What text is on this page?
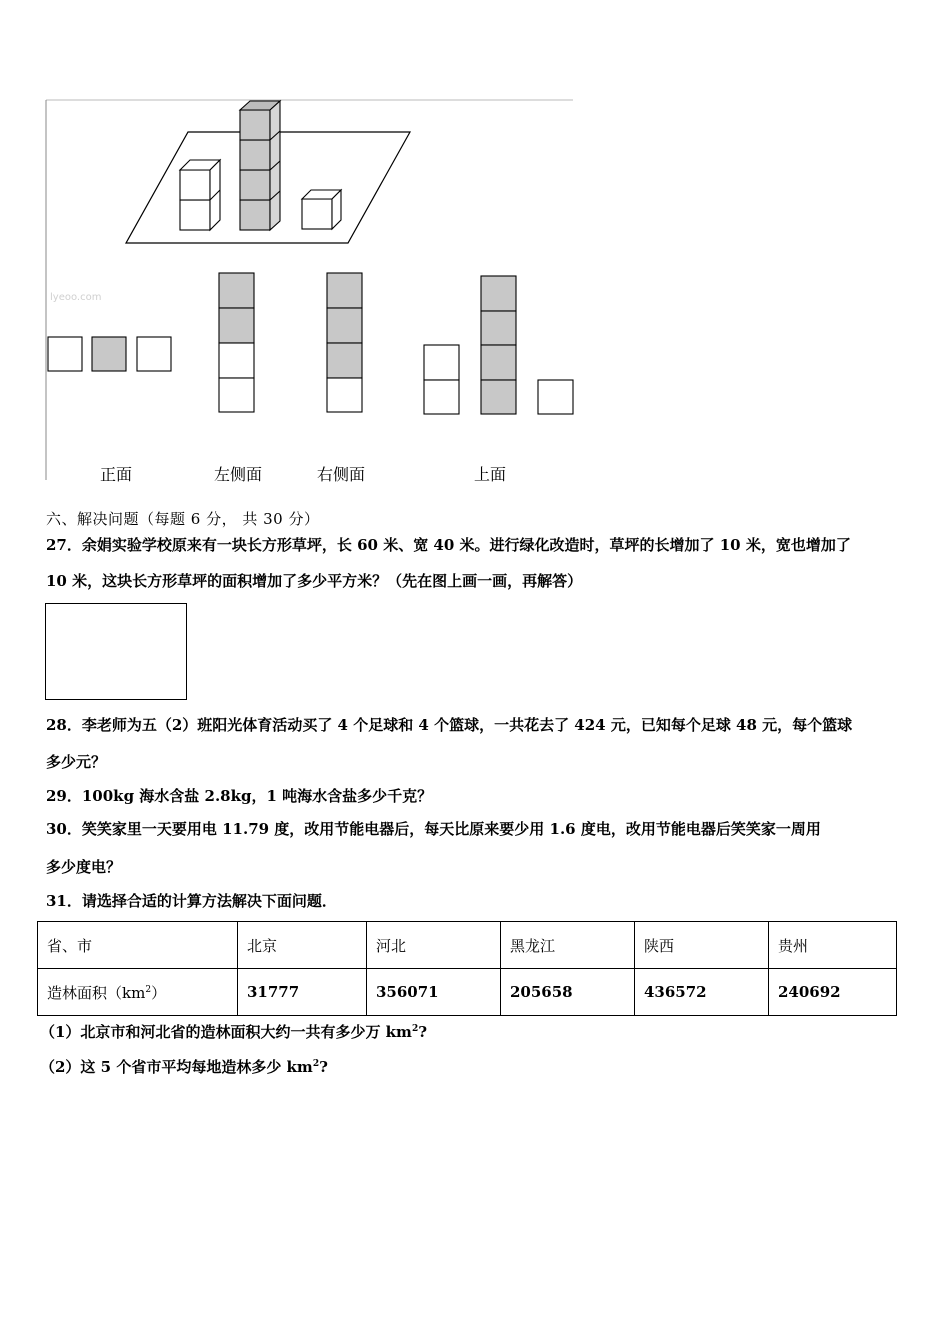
lyeoo.com
正面	左侧面	右侧面	上面
六、解决问题（每题 6 分， 共 30 分）
27．余娟实验学校原来有一块长方形草坪，长 60 米、宽 40 米。进行绿化改造时，草坪的长增加了 10 米，宽也增加了
10 米，这块长方形草坪的面积增加了多少平方米？（先在图上画一画，再解答）
28．李老师为五（2）班阳光体育活动买了 4 个足球和 4 个篮球，一共花去了 424 元，已知每个足球 48 元，每个篮球
多少元？
29．100kg 海水含盐 2.8kg，1 吨海水含盐多少千克？
30．笑笑家里一天要用电 11.79 度，改用节能电器后，每天比原来要少用 1.6 度电，改用节能电器后笑笑家一周用
多少度电？
31．请选择合适的计算方法解决下面问题．
省、市	北京	河北	黑龙江	陕西	贵州
造林面积$(km^2)$	31777	356071	205658	436572	240692
（1）北京市和河北省的造林面积大约一共有多少万 $km^2$?
（2）这 5 个省市平均每地造林多少 $km^2$?
